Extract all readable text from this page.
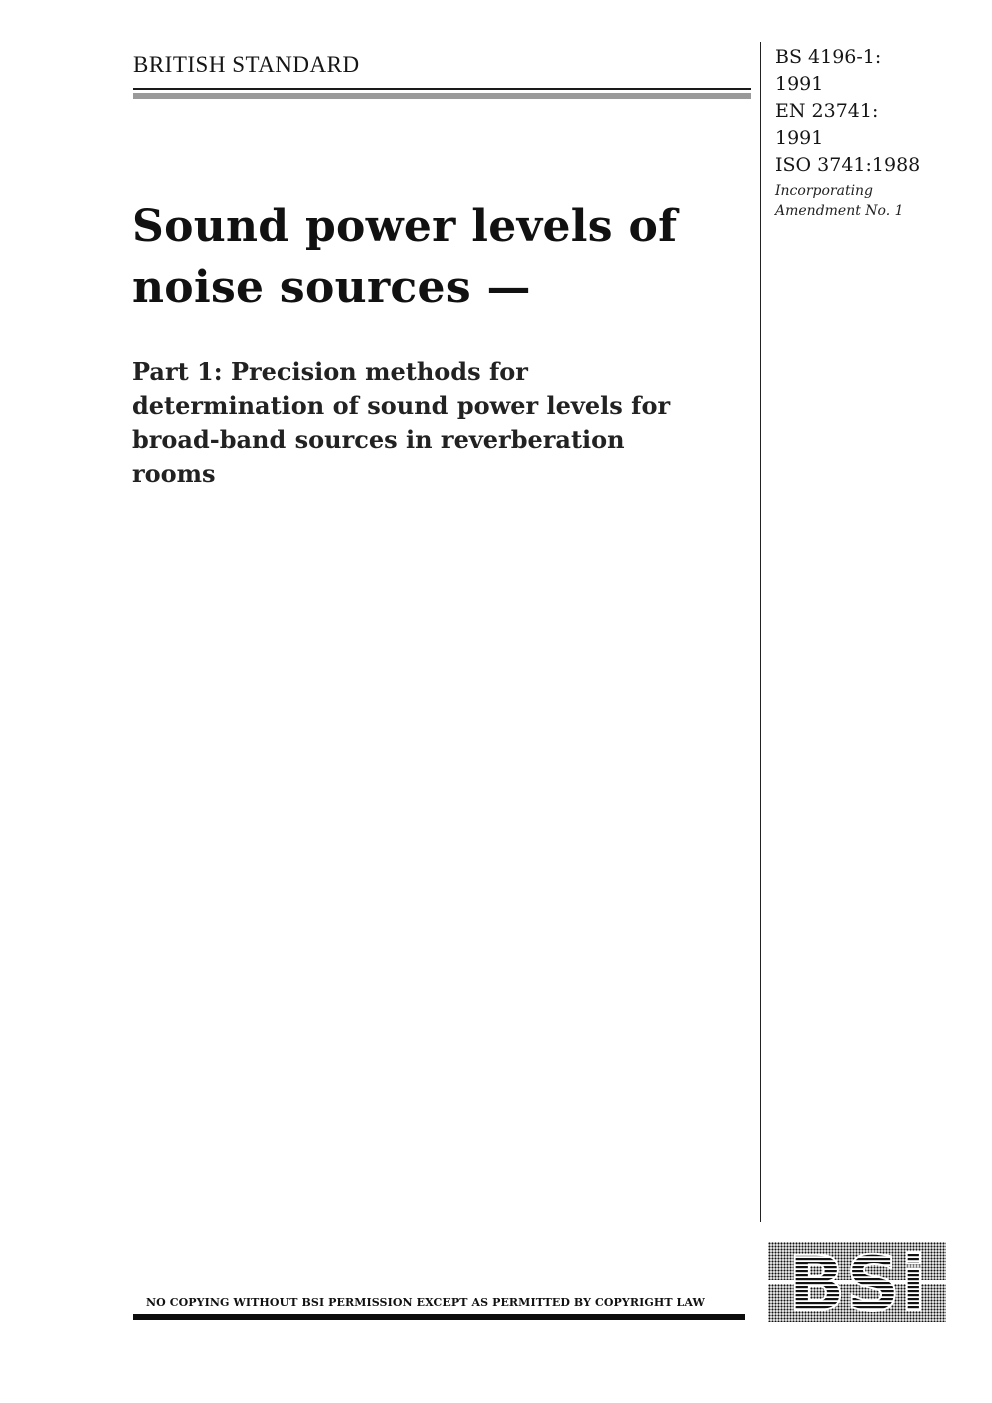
BRITISH STANDARD	BS 4196-1:
1991
EN 23741:
1991
ISO 3741:1988
Incorporating
Amendment No. 1
Sound power levels of
noise sources —
Part 1: Precision methods for
determination of sound power levels for
broad-band sources in reverberation
rooms
NO COPYING WITHOUT BSI PERMISSION EXCEPT AS PERMITTED BY COPYRIGHT LAW BSi
